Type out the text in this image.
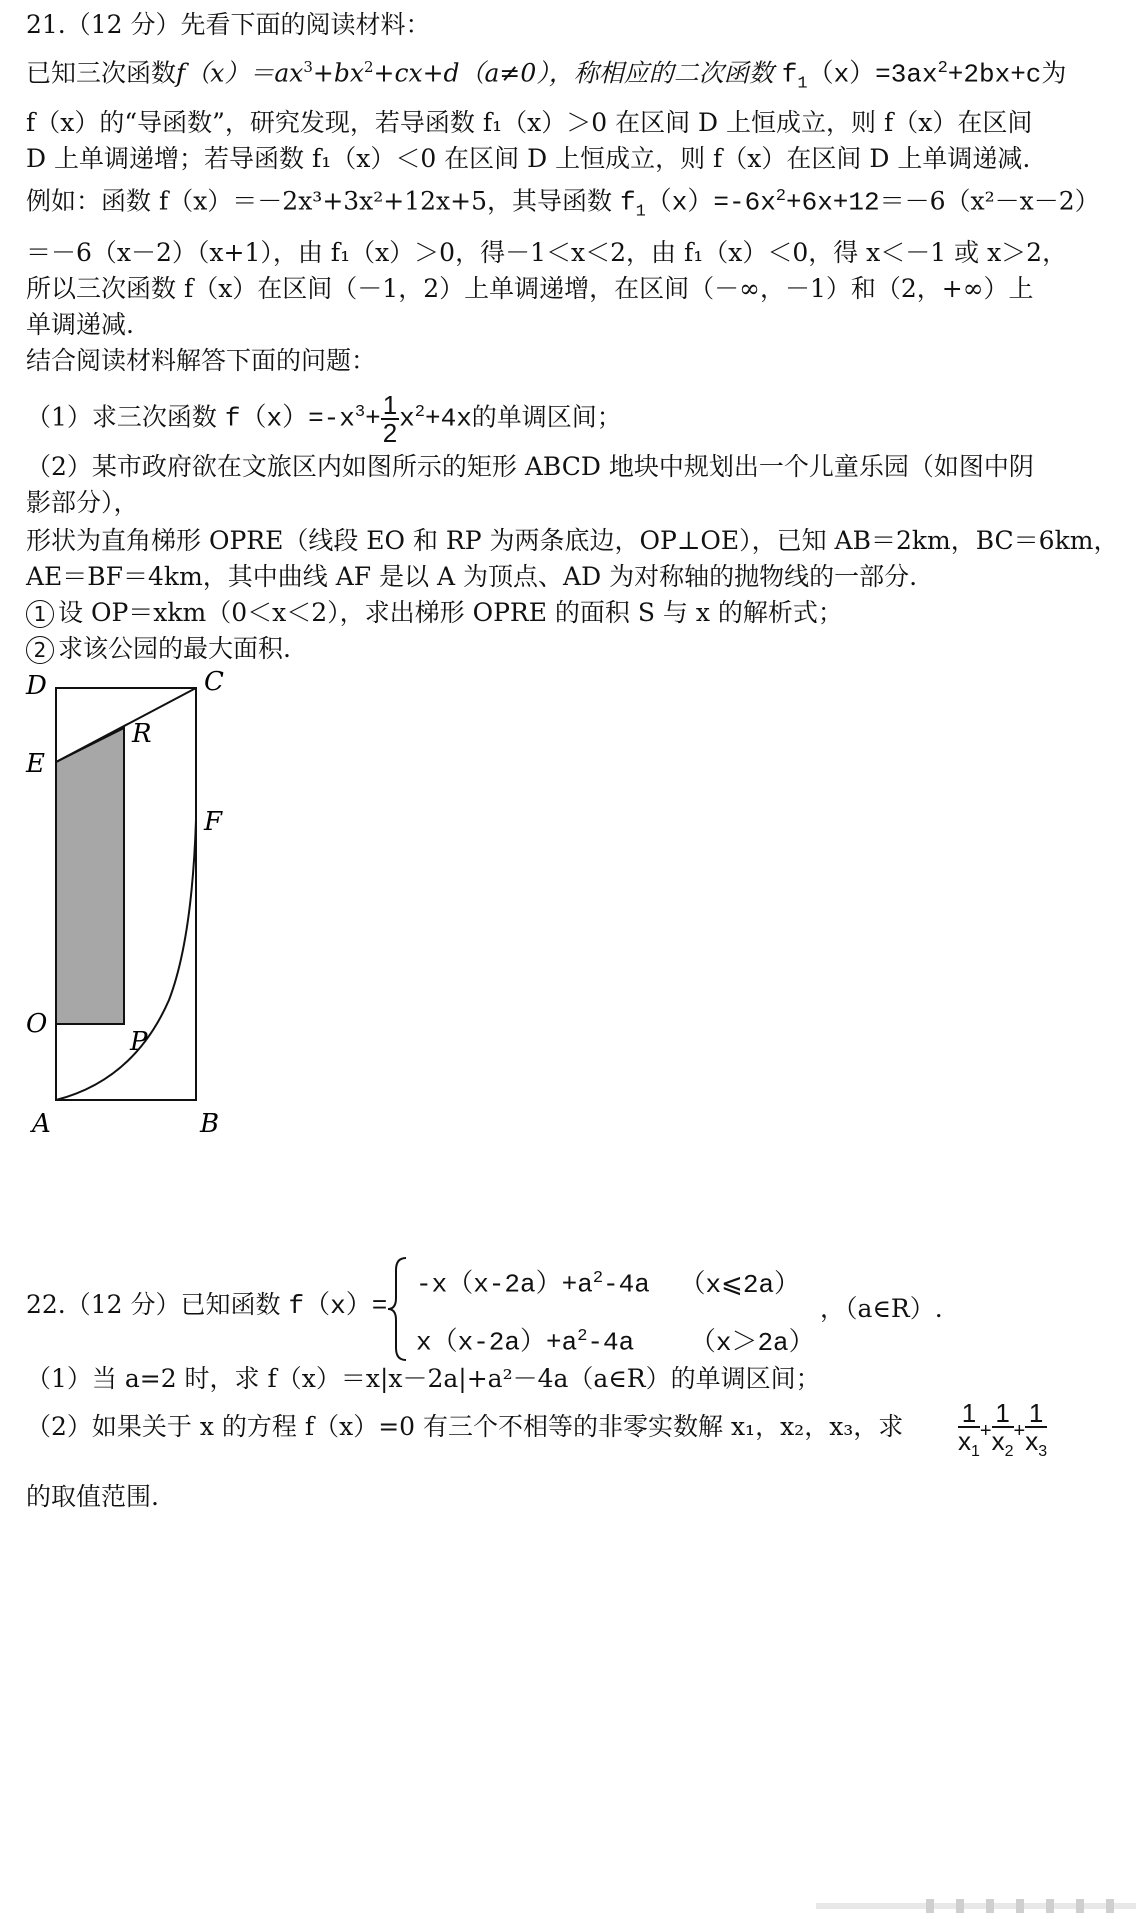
21.（12 分）先看下面的阅读材料：
已知三次函数$f(x)=ax^3+bx^2+cx+d(a\ne 0)$，称相应的二次函数 $f_1(x)=3ax^2+2bx+c$为
f（x）的“导函数”，研究发现，若导函数 f₁（x）＞0 在区间 D 上恒成立，则 f（x）在区间
D 上单调递增；若导函数 f₁（x）＜0 在区间 D 上恒成立，则 f（x）在区间 D 上单调递减.
例如：函数 f（x）＝－2x³+3x²+12x+5，其导函数 $f_1(x)=-6x^2+6x+12=-6(x^2-x-2)$
＝－6（x－2）（x+1），由 f₁（x）＞0，得－1＜x＜2，由 f₁（x）＜0，得 x＜－1 或 x＞2，
所以三次函数 f（x）在区间（－1，2）上单调递增，在区间（－∞，－1）和（2，+∞）上
单调递减.
结合阅读材料解答下面的问题：
（1）求三次函数 $f(x)=-x^3+ \frac{1}{2} x^2+4x$的单调区间；
（2）某市政府欲在文旅区内如图所示的矩形 ABCD 地块中规划出一个儿童乐园（如图中阴
影部分），
形状为直角梯形 OPRE（线段 EO 和 RP 为两条底边，OP⊥OE），已知 AB＝2km，BC＝6km，
AE＝BF＝4km，其中曲线 AF 是以 A 为顶点、AD 为对称轴的抛物线的一部分.
1 设 OP＝xkm（0＜x＜2），求出梯形 OPRE 的面积 S 与 x 的解析式；
2 求该公园的最大面积.
D	C
R
E
F
O
P
A	B
22.（12 分）已知函数 f（x）=
$-x(x-2a)+a^2-4a$ （x⩽2a）
$x(x-2a)+a^2-4a$ （x＞2a）
，（a∈R）.
（1）当 a=2 时，求 f（x）＝x|x－2a|+a²－4a（a∈R）的单调区间；
（2）如果关于 x 的方程 f（x）=0 有三个不相等的非零实数解 x₁，x₂，x₃，求 $\frac{1}{x_1} + \frac{1}{x_2} + \frac{1}{x_3}$
的取值范围.
